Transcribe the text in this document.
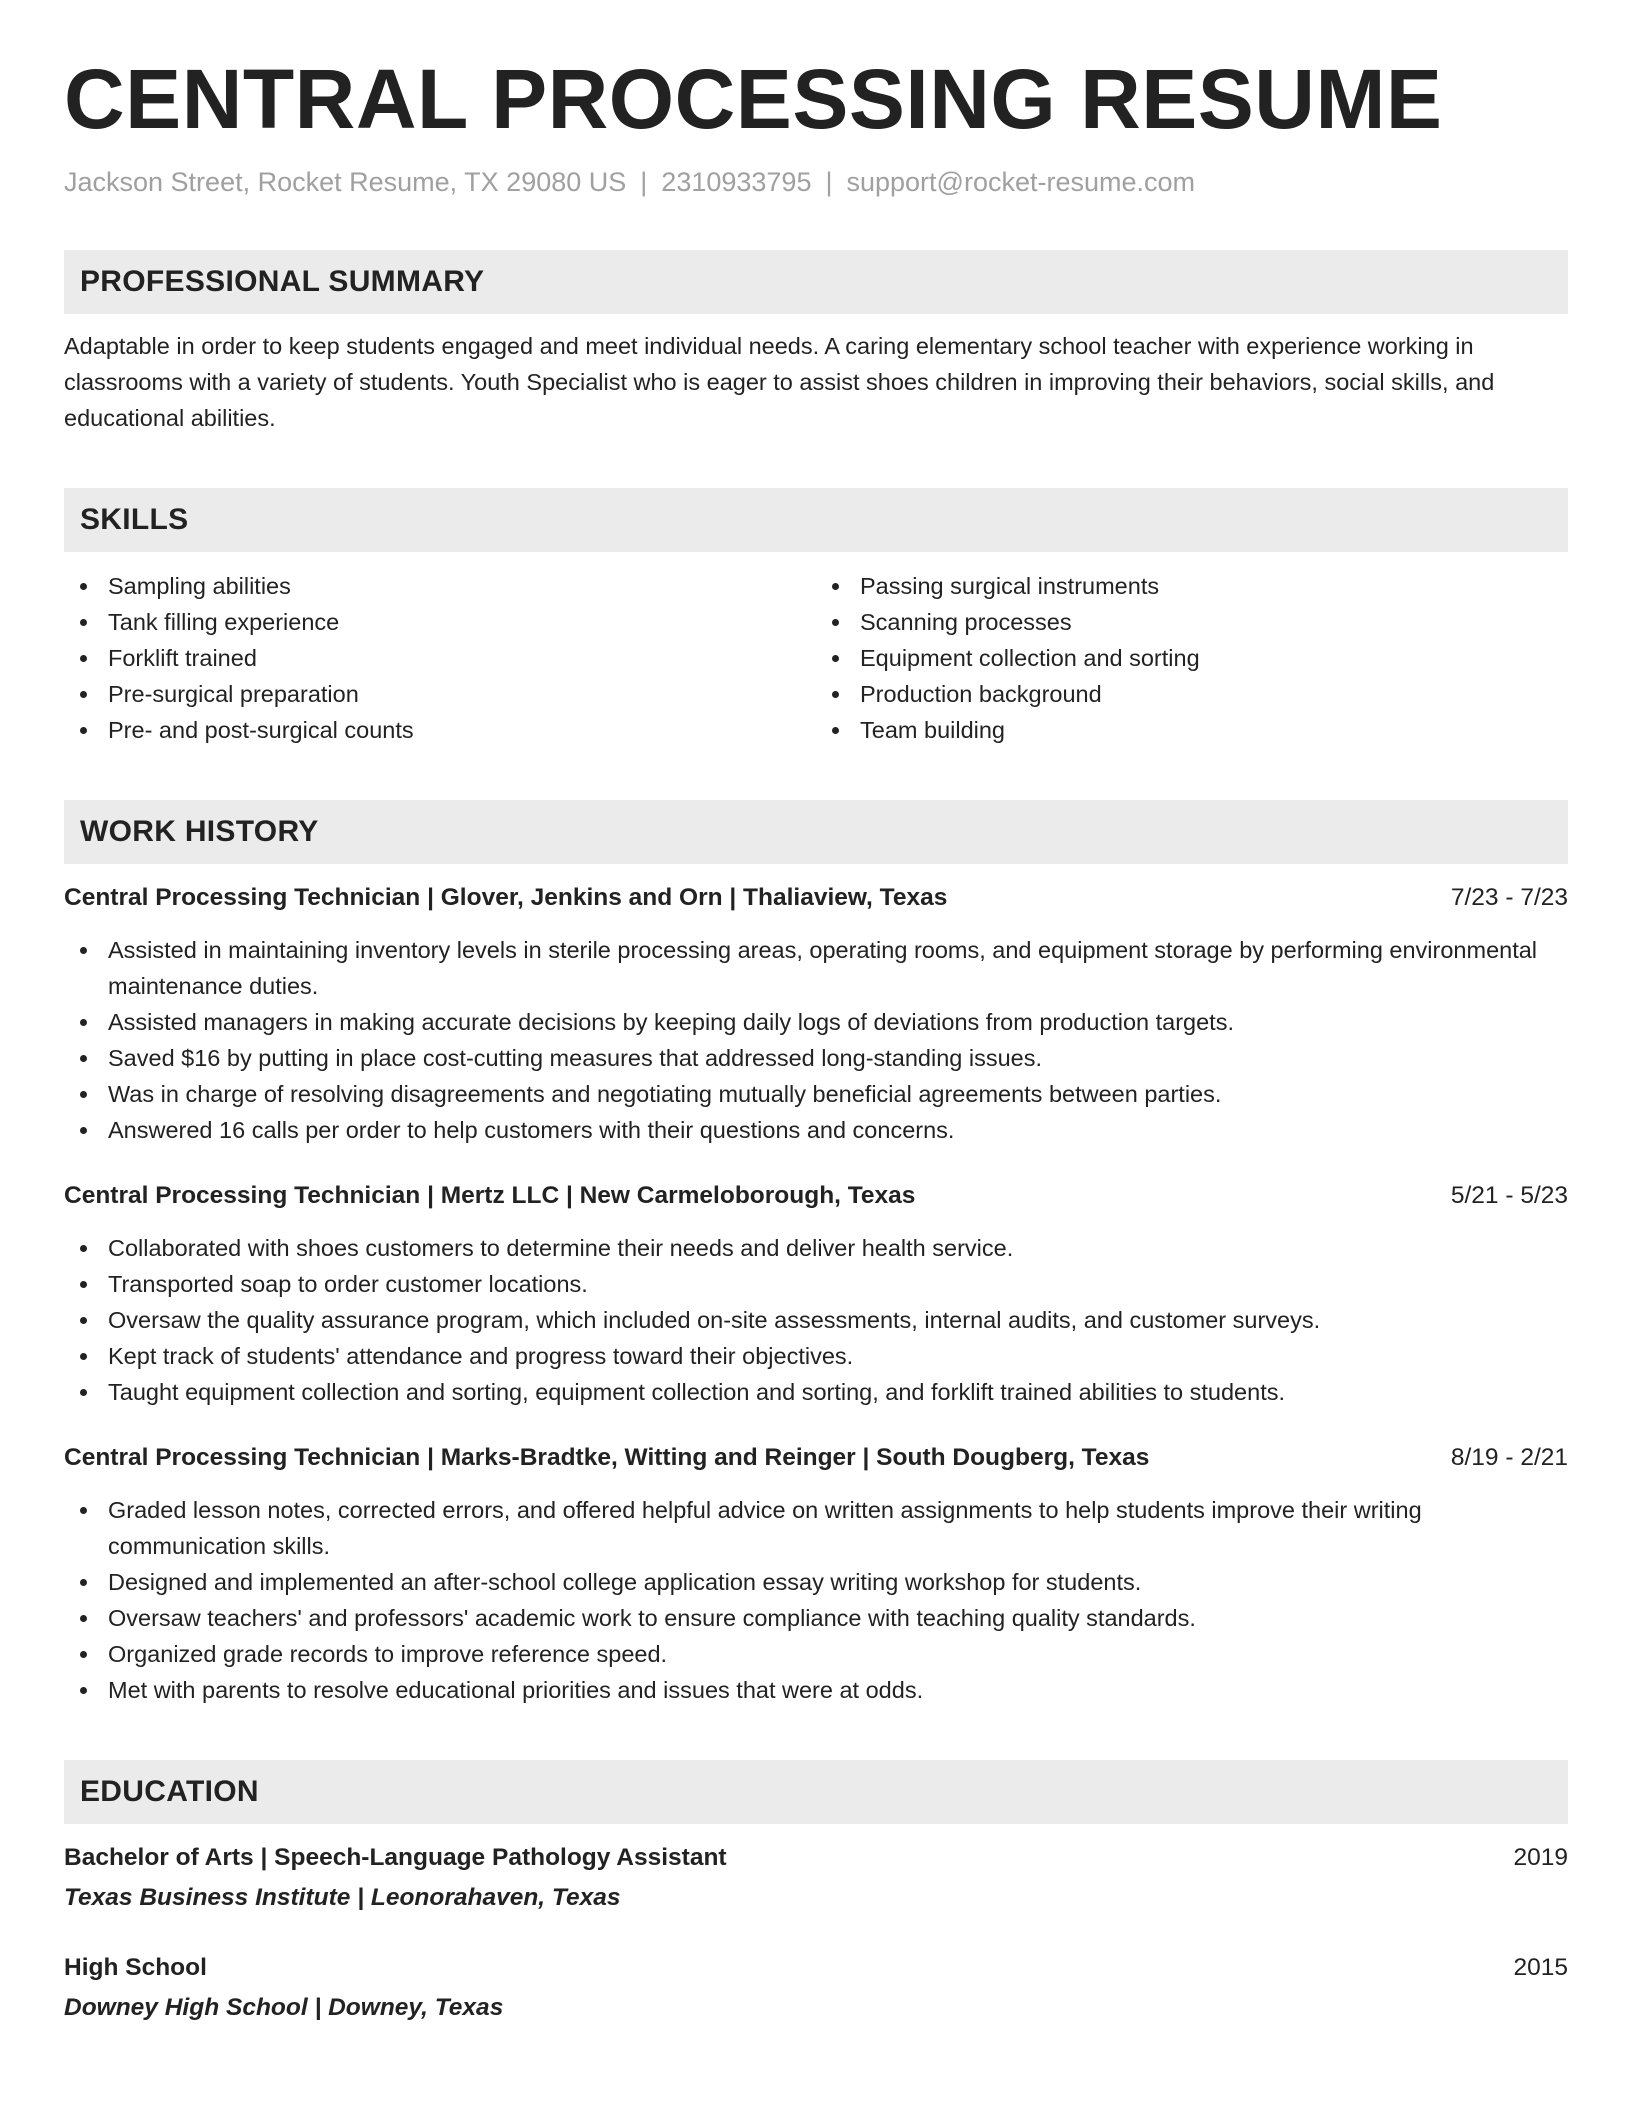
CENTRAL PROCESSING RESUME
Jackson Street, Rocket Resume, TX 29080 US | 2310933795 | support@rocket-resume.com
PROFESSIONAL SUMMARY

Adaptable in order to keep students engaged and meet individual needs. A caring elementary school teacher with experience working in classrooms with a variety of students. Youth Specialist who is eager to assist shoes children in improving their behaviors, social skills, and educational abilities.

SKILLS
Sampling abilities
Tank filling experience
Forklift trained
Pre-surgical preparation
Pre- and post-surgical counts
Passing surgical instruments
Scanning processes
Equipment collection and sorting
Production background
Team building
WORK HISTORY
Central Processing Technician | Glover, Jenkins and Orn | Thaliaview, Texas	7/23 - 7/23
Assisted in maintaining inventory levels in sterile processing areas, operating rooms, and equipment storage by performing environmental maintenance duties.
Assisted managers in making accurate decisions by keeping daily logs of deviations from production targets.
Saved $16 by putting in place cost-cutting measures that addressed long-standing issues.
Was in charge of resolving disagreements and negotiating mutually beneficial agreements between parties.
Answered 16 calls per order to help customers with their questions and concerns.
Central Processing Technician | Mertz LLC | New Carmeloborough, Texas	5/21 - 5/23
Collaborated with shoes customers to determine their needs and deliver health service.
Transported soap to order customer locations.
Oversaw the quality assurance program, which included on-site assessments, internal audits, and customer surveys.
Kept track of students' attendance and progress toward their objectives.
Taught equipment collection and sorting, equipment collection and sorting, and forklift trained abilities to students.
Central Processing Technician | Marks-Bradtke, Witting and Reinger | South Dougberg, Texas	8/19 - 2/21
Graded lesson notes, corrected errors, and offered helpful advice on written assignments to help students improve their writing communication skills.
Designed and implemented an after-school college application essay writing workshop for students.
Oversaw teachers' and professors' academic work to ensure compliance with teaching quality standards.
Organized grade records to improve reference speed.
Met with parents to resolve educational priorities and issues that were at odds.
EDUCATION
Bachelor of Arts | Speech-Language Pathology Assistant	2019
Texas Business Institute | Leonorahaven, Texas
High School	2015
Downey High School | Downey, Texas
